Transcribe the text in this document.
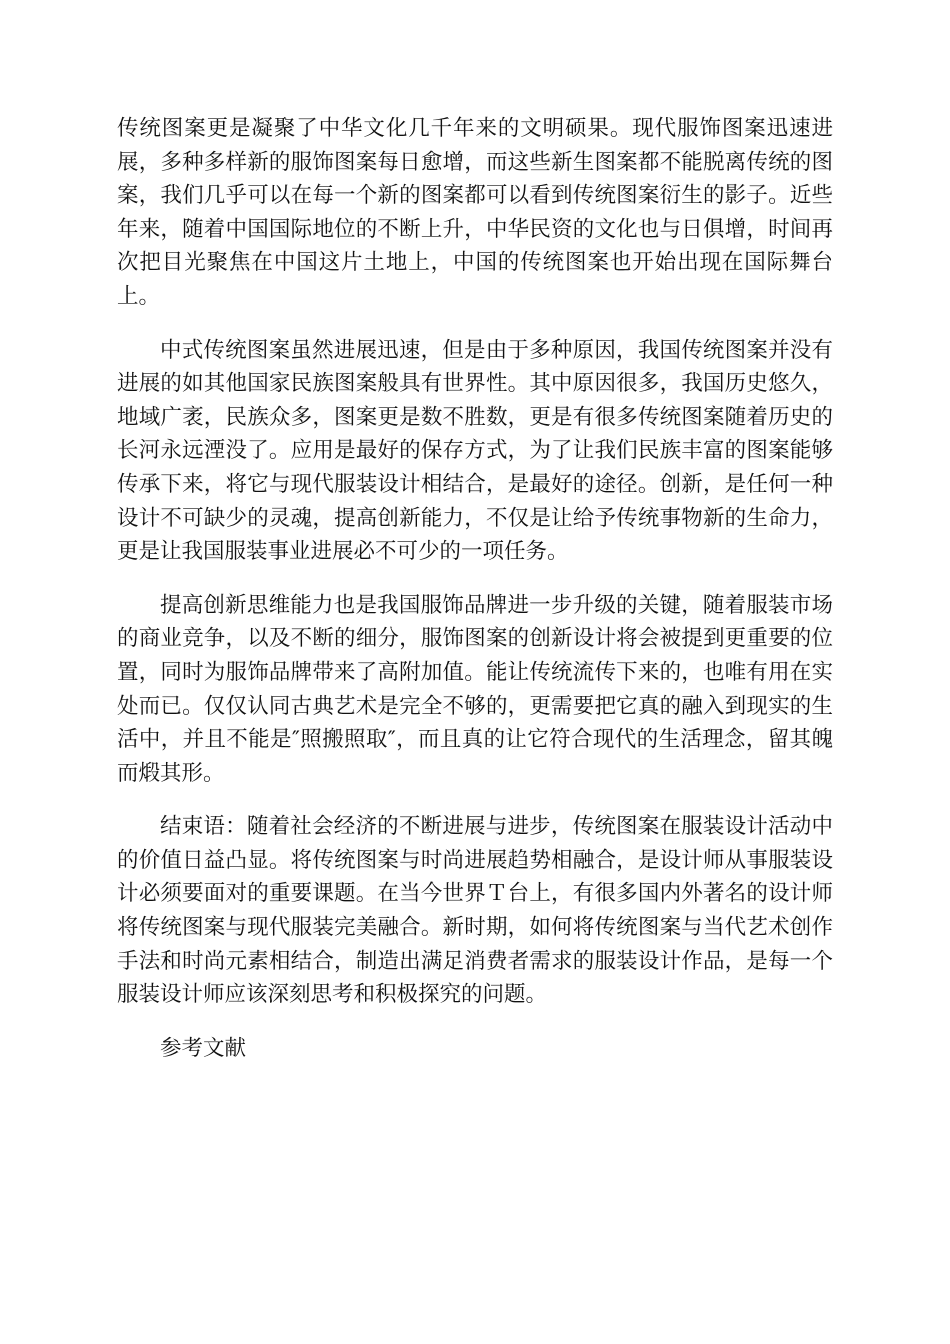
传统图案更是凝聚了中华文化几千年来的文明硕果。现代服饰图案迅速进展，多种多样新的服饰图案每日愈增，而这些新生图案都不能脱离传统的图案，我们几乎可以在每一个新的图案都可以看到传统图案衍生的影子。近些年来，随着中国国际地位的不断上升，中华民资的文化也与日俱增，时间再次把目光聚焦在中国这片土地上，中国的传统图案也开始出现在国际舞台上。

中式传统图案虽然进展迅速，但是由于多种原因，我国传统图案并没有进展的如其他国家民族图案般具有世界性。其中原因很多，我国历史悠久，地域广袤，民族众多，图案更是数不胜数，更是有很多传统图案随着历史的长河永远湮没了。应用是最好的保存方式，为了让我们民族丰富的图案能够传承下来，将它与现代服装设计相结合，是最好的途径。创新，是任何一种设计不可缺少的灵魂，提高创新能力，不仅是让给予传统事物新的生命力，更是让我国服装事业进展必不可少的一项任务。

提高创新思维能力也是我国服饰品牌进一步升级的关键，随着服装市场的商业竞争，以及不断的细分，服饰图案的创新设计将会被提到更重要的位置，同时为服饰品牌带来了高附加值。能让传统流传下来的，也唯有用在实处而已。仅仅认同古典艺术是完全不够的，更需要把它真的融入到现实的生活中，并且不能是″照搬照取″，而且真的让它符合现代的生活理念，留其魄而煅其形。

结束语：随着社会经济的不断进展与进步，传统图案在服装设计活动中的价值日益凸显。将传统图案与时尚进展趋势相融合，是设计师从事服装设计必须要面对的重要课题。在当今世界Ｔ台上，有很多国内外著名的设计师将传统图案与现代服装完美融合。新时期，如何将传统图案与当代艺术创作手法和时尚元素相结合，制造出满足消费者需求的服装设计作品，是每一个服装设计师应该深刻思考和积极探究的问题。

参考文献
